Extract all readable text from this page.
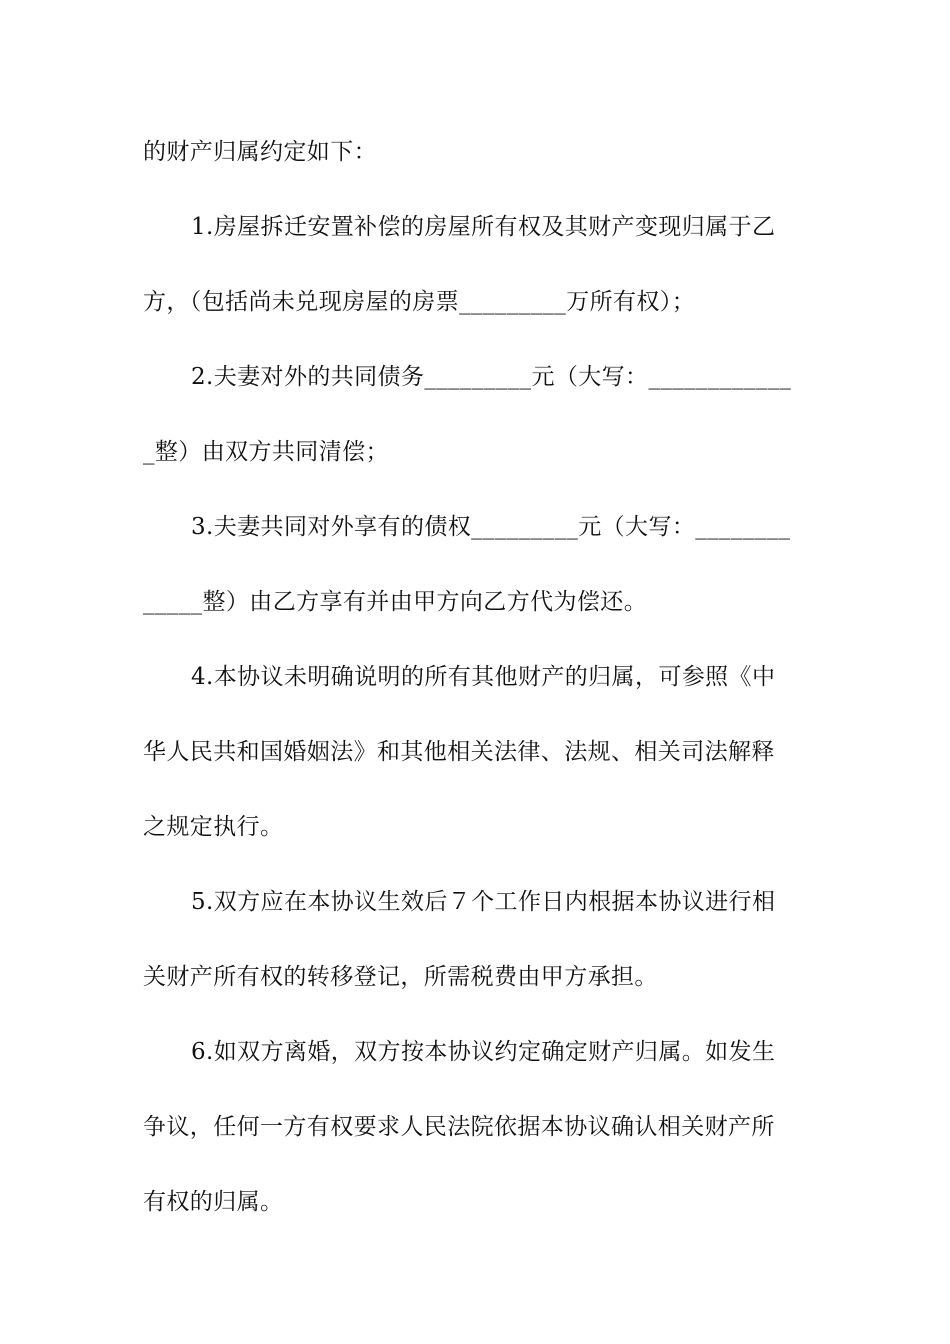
的财产归属约定如下：
1.房屋拆迁安置补偿的房屋所有权及其财产变现归属于乙
方，（包括尚未兑现房屋的房票_________万所有权）；
2.夫妻对外的共同债务_________元（大写：____________
_整）由双方共同清偿；
3.夫妻共同对外享有的债权_________元（大写：________
_____整）由乙方享有并由甲方向乙方代为偿还。
4.本协议未明确说明的所有其他财产的归属，可参照《中
华人民共和国婚姻法》和其他相关法律、法规、相关司法解释
之规定执行。
5.双方应在本协议生效后７个工作日内根据本协议进行相
关财产所有权的转移登记，所需税费由甲方承担。
6.如双方离婚，双方按本协议约定确定财产归属。如发生
争议，任何一方有权要求人民法院依据本协议确认相关财产所
有权的归属。
